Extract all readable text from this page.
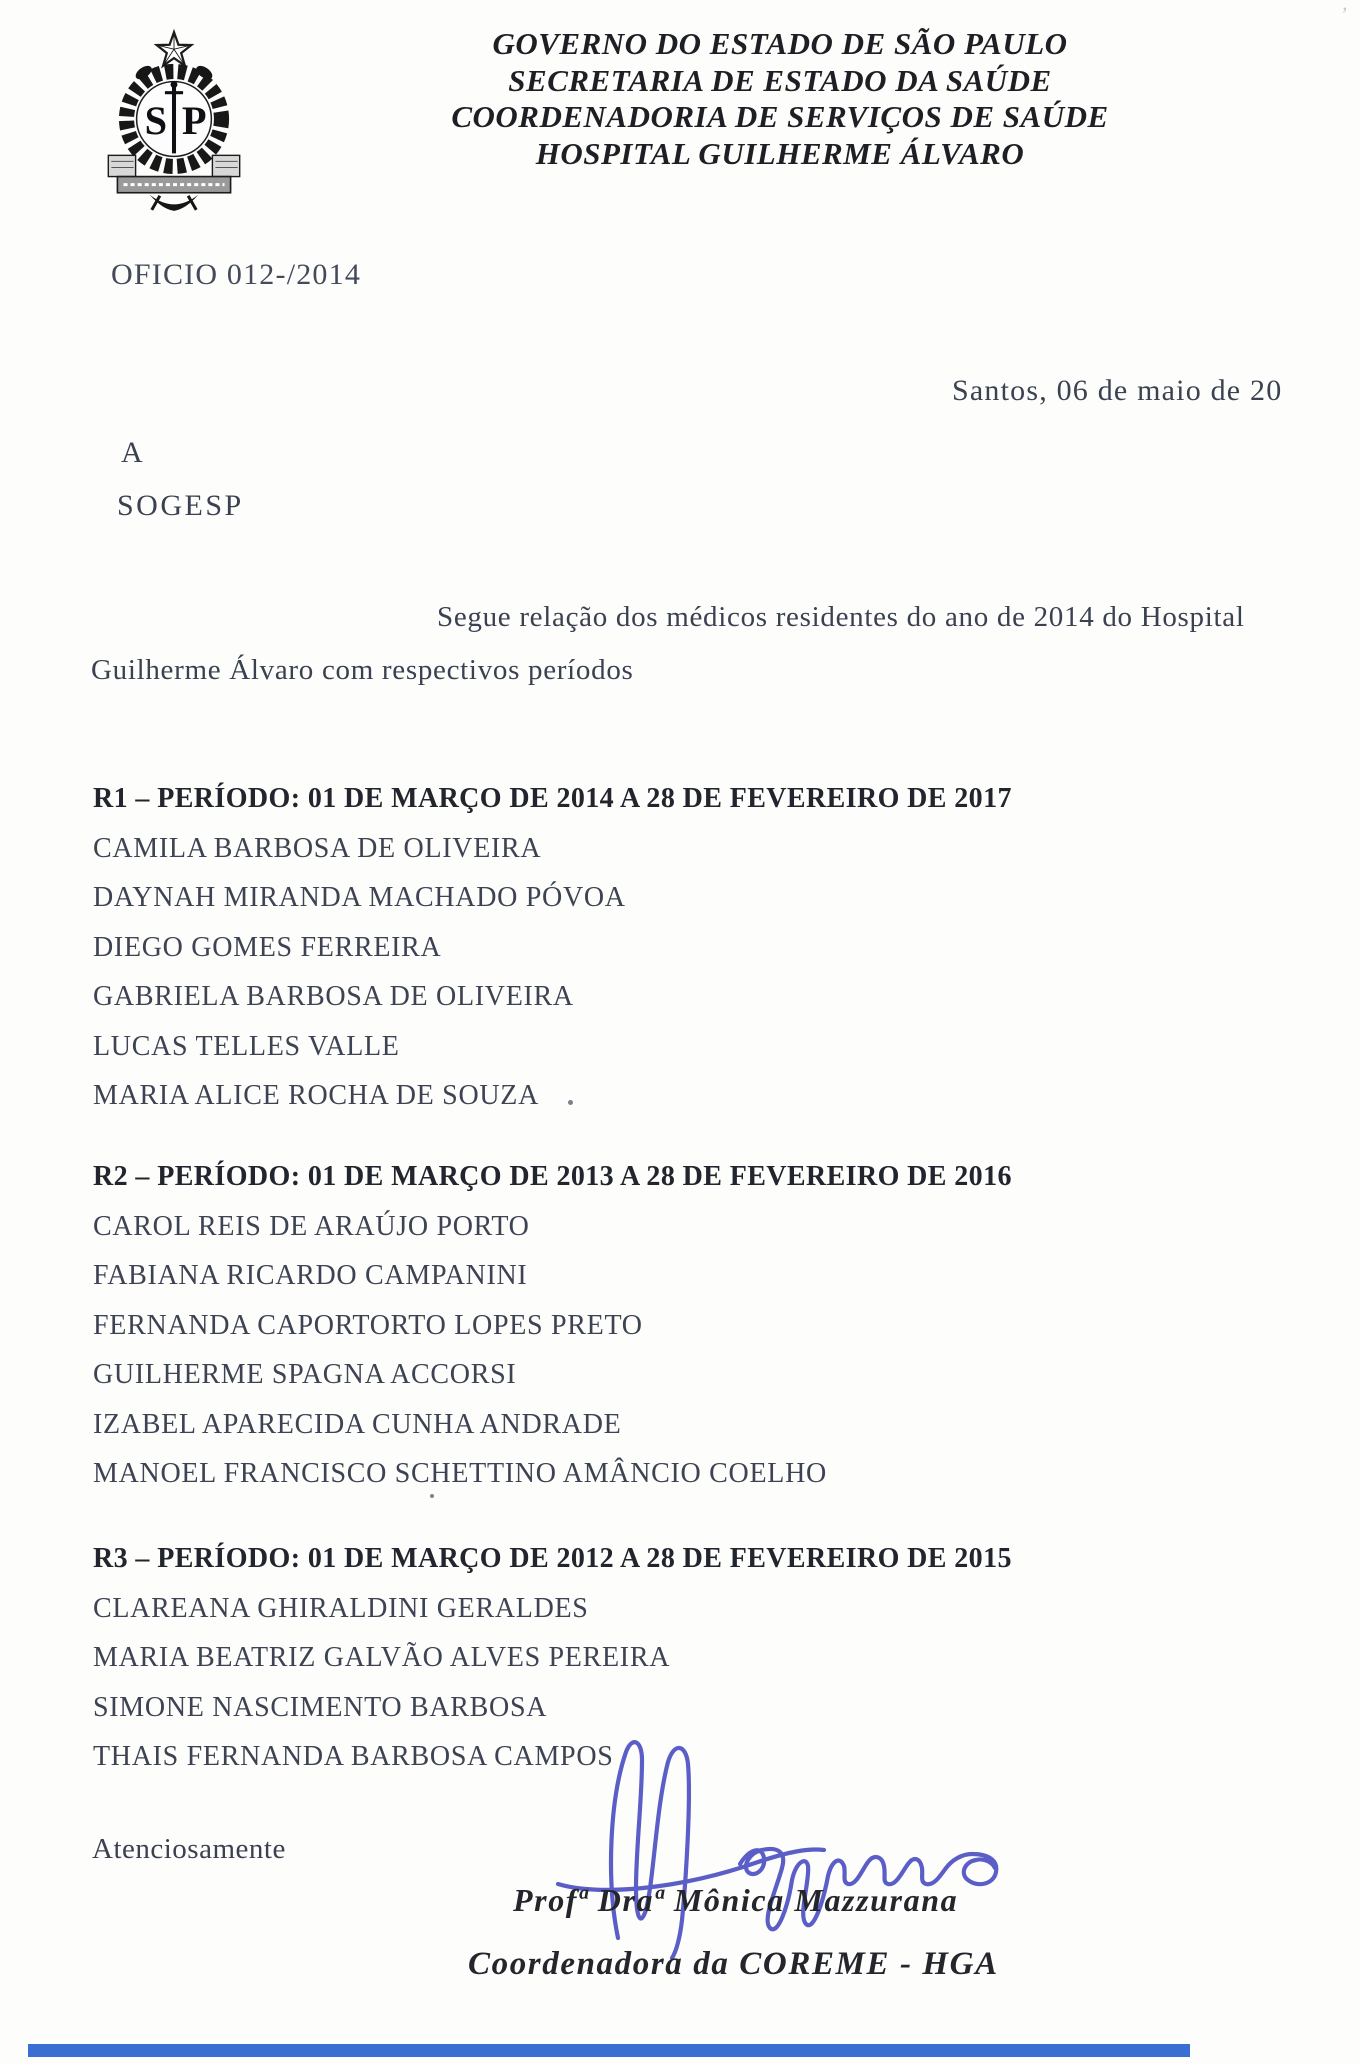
S P
GOVERNO DO ESTADO DE SÃO PAULO
SECRETARIA DE ESTADO DA SAÚDE
COORDENADORIA DE SERVIÇOS DE SAÚDE
HOSPITAL GUILHERME ÁLVARO
OFICIO 012-/2014
Santos, 06 de maio de 20
A
SOGESP
Segue relação dos médicos residentes do ano de 2014 do Hospital
Guilherme Álvaro com respectivos períodos
R1 – PERÍODO: 01 DE MARÇO DE 2014 A 28 DE FEVEREIRO DE 2017
CAMILA BARBOSA DE OLIVEIRA
DAYNAH MIRANDA MACHADO PÓVOA
DIEGO GOMES FERREIRA
GABRIELA BARBOSA DE OLIVEIRA
LUCAS TELLES VALLE
MARIA ALICE ROCHA DE SOUZA
R2 – PERÍODO: 01 DE MARÇO DE 2013 A 28 DE FEVEREIRO DE 2016
CAROL REIS DE ARAÚJO PORTO
FABIANA RICARDO CAMPANINI
FERNANDA CAPORTORTO LOPES PRETO
GUILHERME SPAGNA ACCORSI
IZABEL APARECIDA CUNHA ANDRADE
MANOEL FRANCISCO SCHETTINO AMÂNCIO COELHO
R3 – PERÍODO: 01 DE MARÇO DE 2012 A 28 DE FEVEREIRO DE 2015
CLAREANA GHIRALDINI GERALDES
MARIA BEATRIZ GALVÃO ALVES PEREIRA
SIMONE NASCIMENTO BARBOSA
THAIS FERNANDA BARBOSA CAMPOS
Atenciosamente
Profª Draª Mônica Mazzurana
Coordenadora da COREME - HGA
ʼ
